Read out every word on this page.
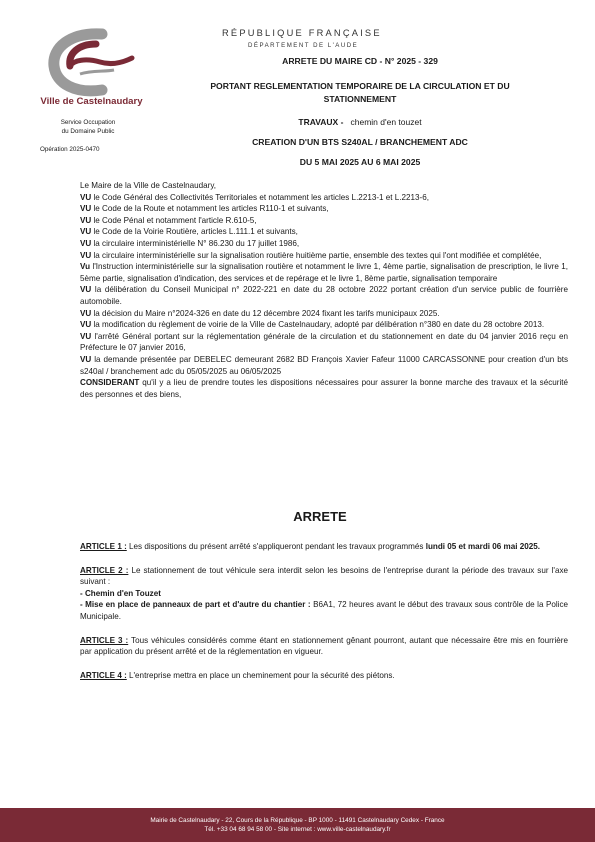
Ville de Castelnaudary
Service Occupation
du Domaine Public
Opération 2025-0470
RÉPUBLIQUE FRANÇAISE
DÉPARTEMENT DE L'AUDE
ARRETE DU MAIRE CD - N° 2025 - 329
PORTANT REGLEMENTATION TEMPORAIRE DE LA CIRCULATION ET DU
STATIONNEMENT
TRAVAUX - chemin d'en touzet
CREATION D'UN BTS S240AL / BRANCHEMENT ADC
DU 5 MAI 2025 AU 6 MAI 2025

Le Maire de la Ville de Castelnaudary,

VU le Code Général des Collectivités Territoriales et notamment les articles L.2213-1 et L.2213-6,

VU le Code de la Route et notamment les articles R110-1 et suivants,

VU le Code Pénal et notamment l'article R.610-5,

VU le Code de la Voirie Routière, articles L.111.1 et suivants,

VU la circulaire interministérielle N° 86.230 du 17 juillet 1986,

VU la circulaire interministérielle sur la signalisation routière huitième partie, ensemble des textes qui l'ont modifiée et complétée,

Vu l'Instruction interministérielle sur la signalisation routière et notamment le livre 1, 4ème partie, signalisation de prescription, le livre 1, 5ème partie, signalisation d'indication, des services et de repérage et le livre 1, 8ème partie, signalisation temporaire

VU la délibération du Conseil Municipal n° 2022-221 en date du 28 octobre 2022 portant création d'un service public de fourrière automobile.

VU la décision du Maire n°2024-326 en date du 12 décembre 2024 fixant les tarifs municipaux 2025.

VU la modification du règlement de voirie de la Ville de Castelnaudary, adopté par délibération n°380 en date du 28 octobre 2013.

VU l'arrêté Général portant sur la réglementation générale de la circulation et du stationnement en date du 04 janvier 2016 reçu en Préfecture le 07 janvier 2016,

VU la demande présentée par DEBELEC demeurant 2682 BD François Xavier Fafeur 11000 CARCASSONNE pour creation d'un bts s240al / branchement adc du 05/05/2025 au 06/05/2025

CONSIDERANT qu'il y a lieu de prendre toutes les dispositions nécessaires pour assurer la bonne marche des travaux et la sécurité des personnes et des biens,

ARRETE

ARTICLE 1 : Les dispositions du présent arrêté s'appliqueront pendant les travaux programmés lundi 05 et mardi 06 mai 2025.

ARTICLE 2 : Le stationnement de tout véhicule sera interdit selon les besoins de l'entreprise durant la période des travaux sur l'axe suivant :
- Chemin d'en Touzet
- Mise en place de panneaux de part et d'autre du chantier : B6A1, 72 heures avant le début des travaux sous contrôle de la Police Municipale.

ARTICLE 3 : Tous véhicules considérés comme étant en stationnement gênant pourront, autant que nécessaire être mis en fourrière par application du présent arrêté et de la réglementation en vigueur.

ARTICLE 4 : L'entreprise mettra en place un cheminement pour la sécurité des piétons.

Mairie de Castelnaudary - 22, Cours de la République - BP 1000 - 11491 Castelnaudary Cedex - France
Tél. +33 04 68 94 58 00 - Site internet : www.ville-castelnaudary.fr
